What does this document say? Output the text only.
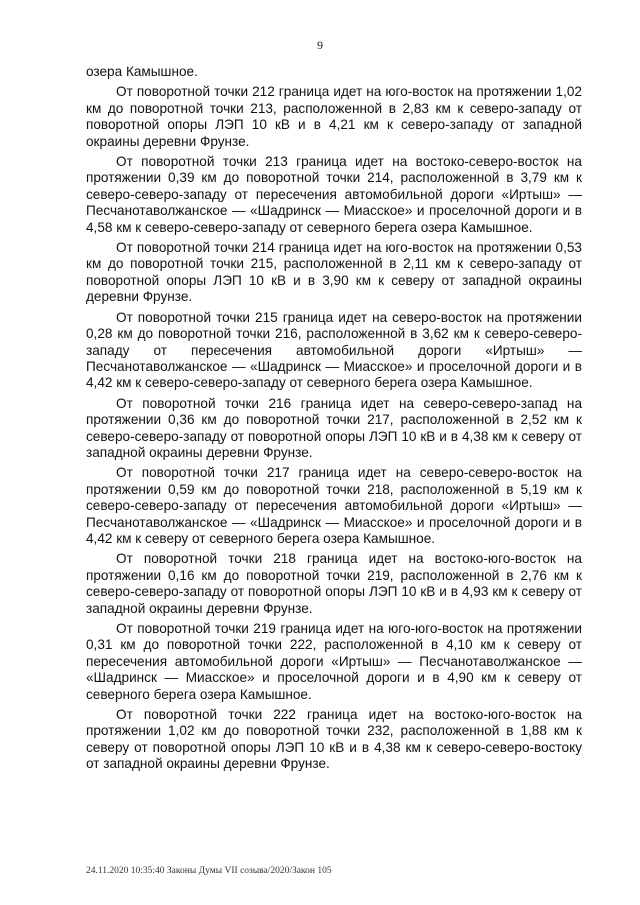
9

озера Камышное.

От поворотной точки 212 граница идет на юго-восток на протяжении 1,02 км до поворотной точки 213, расположенной в 2,83 км к северо-западу от поворотной опоры ЛЭП 10 кВ и в 4,21 км к северо-западу от западной окраины деревни Фрунзе.

От поворотной точки 213 граница идет на востоко-северо-восток на протяжении 0,39 км до поворотной точки 214, расположенной в 3,79 км к северо-северо-западу от пересечения автомобильной дороги «Иртыш» — Песчанотаволжанское — «Шадринск — Миасское» и проселочной дороги и в 4,58 км к северо-северо-западу от северного берега озера Камышное.

От поворотной точки 214 граница идет на юго-восток на протяжении 0,53 км до поворотной точки 215, расположенной в 2,11 км к северо-западу от поворотной опоры ЛЭП 10 кВ и в 3,90 км к северу от западной окраины деревни Фрунзе.

От поворотной точки 215 граница идет на северо-восток на протяжении 0,28 км до поворотной точки 216, расположенной в 3,62 км к северо-северо-западу от пересечения автомобильной дороги «Иртыш» — Песчанотаволжанское — «Шадринск — Миасское» и проселочной дороги и в 4,42 км к северо-северо-западу от северного берега озера Камышное.

От поворотной точки 216 граница идет на северо-северо-запад на протяжении 0,36 км до поворотной точки 217, расположенной в 2,52 км к северо-северо-западу от поворотной опоры ЛЭП 10 кВ и в 4,38 км к северу от западной окраины деревни Фрунзе.

От поворотной точки 217 граница идет на северо-северо-восток на протяжении 0,59 км до поворотной точки 218, расположенной в 5,19 км к северо-северо-западу от пересечения автомобильной дороги «Иртыш» — Песчанотаволжанское — «Шадринск — Миасское» и проселочной дороги и в 4,42 км к северу от северного берега озера Камышное.

От поворотной точки 218 граница идет на востоко-юго-восток на протяжении 0,16 км до поворотной точки 219, расположенной в 2,76 км к северо-северо-западу от поворотной опоры ЛЭП 10 кВ и в 4,93 км к северу от западной окраины деревни Фрунзе.

От поворотной точки 219 граница идет на юго-юго-восток на протяжении 0,31 км до поворотной точки 222, расположенной в 4,10 км к северу от пересечения автомобильной дороги «Иртыш» — Песчанотаволжанское — «Шадринск — Миасское» и проселочной дороги и в 4,90 км к северу от северного берега озера Камышное.

От поворотной точки 222 граница идет на востоко-юго-восток на протяжении 1,02 км до поворотной точки 232, расположенной в 1,88 км к северу от поворотной опоры ЛЭП 10 кВ и в 4,38 км к северо-северо-востоку от западной окраины деревни Фрунзе.

24.11.2020 10:35:40 Законы Думы VII созыва/2020/Закон 105
